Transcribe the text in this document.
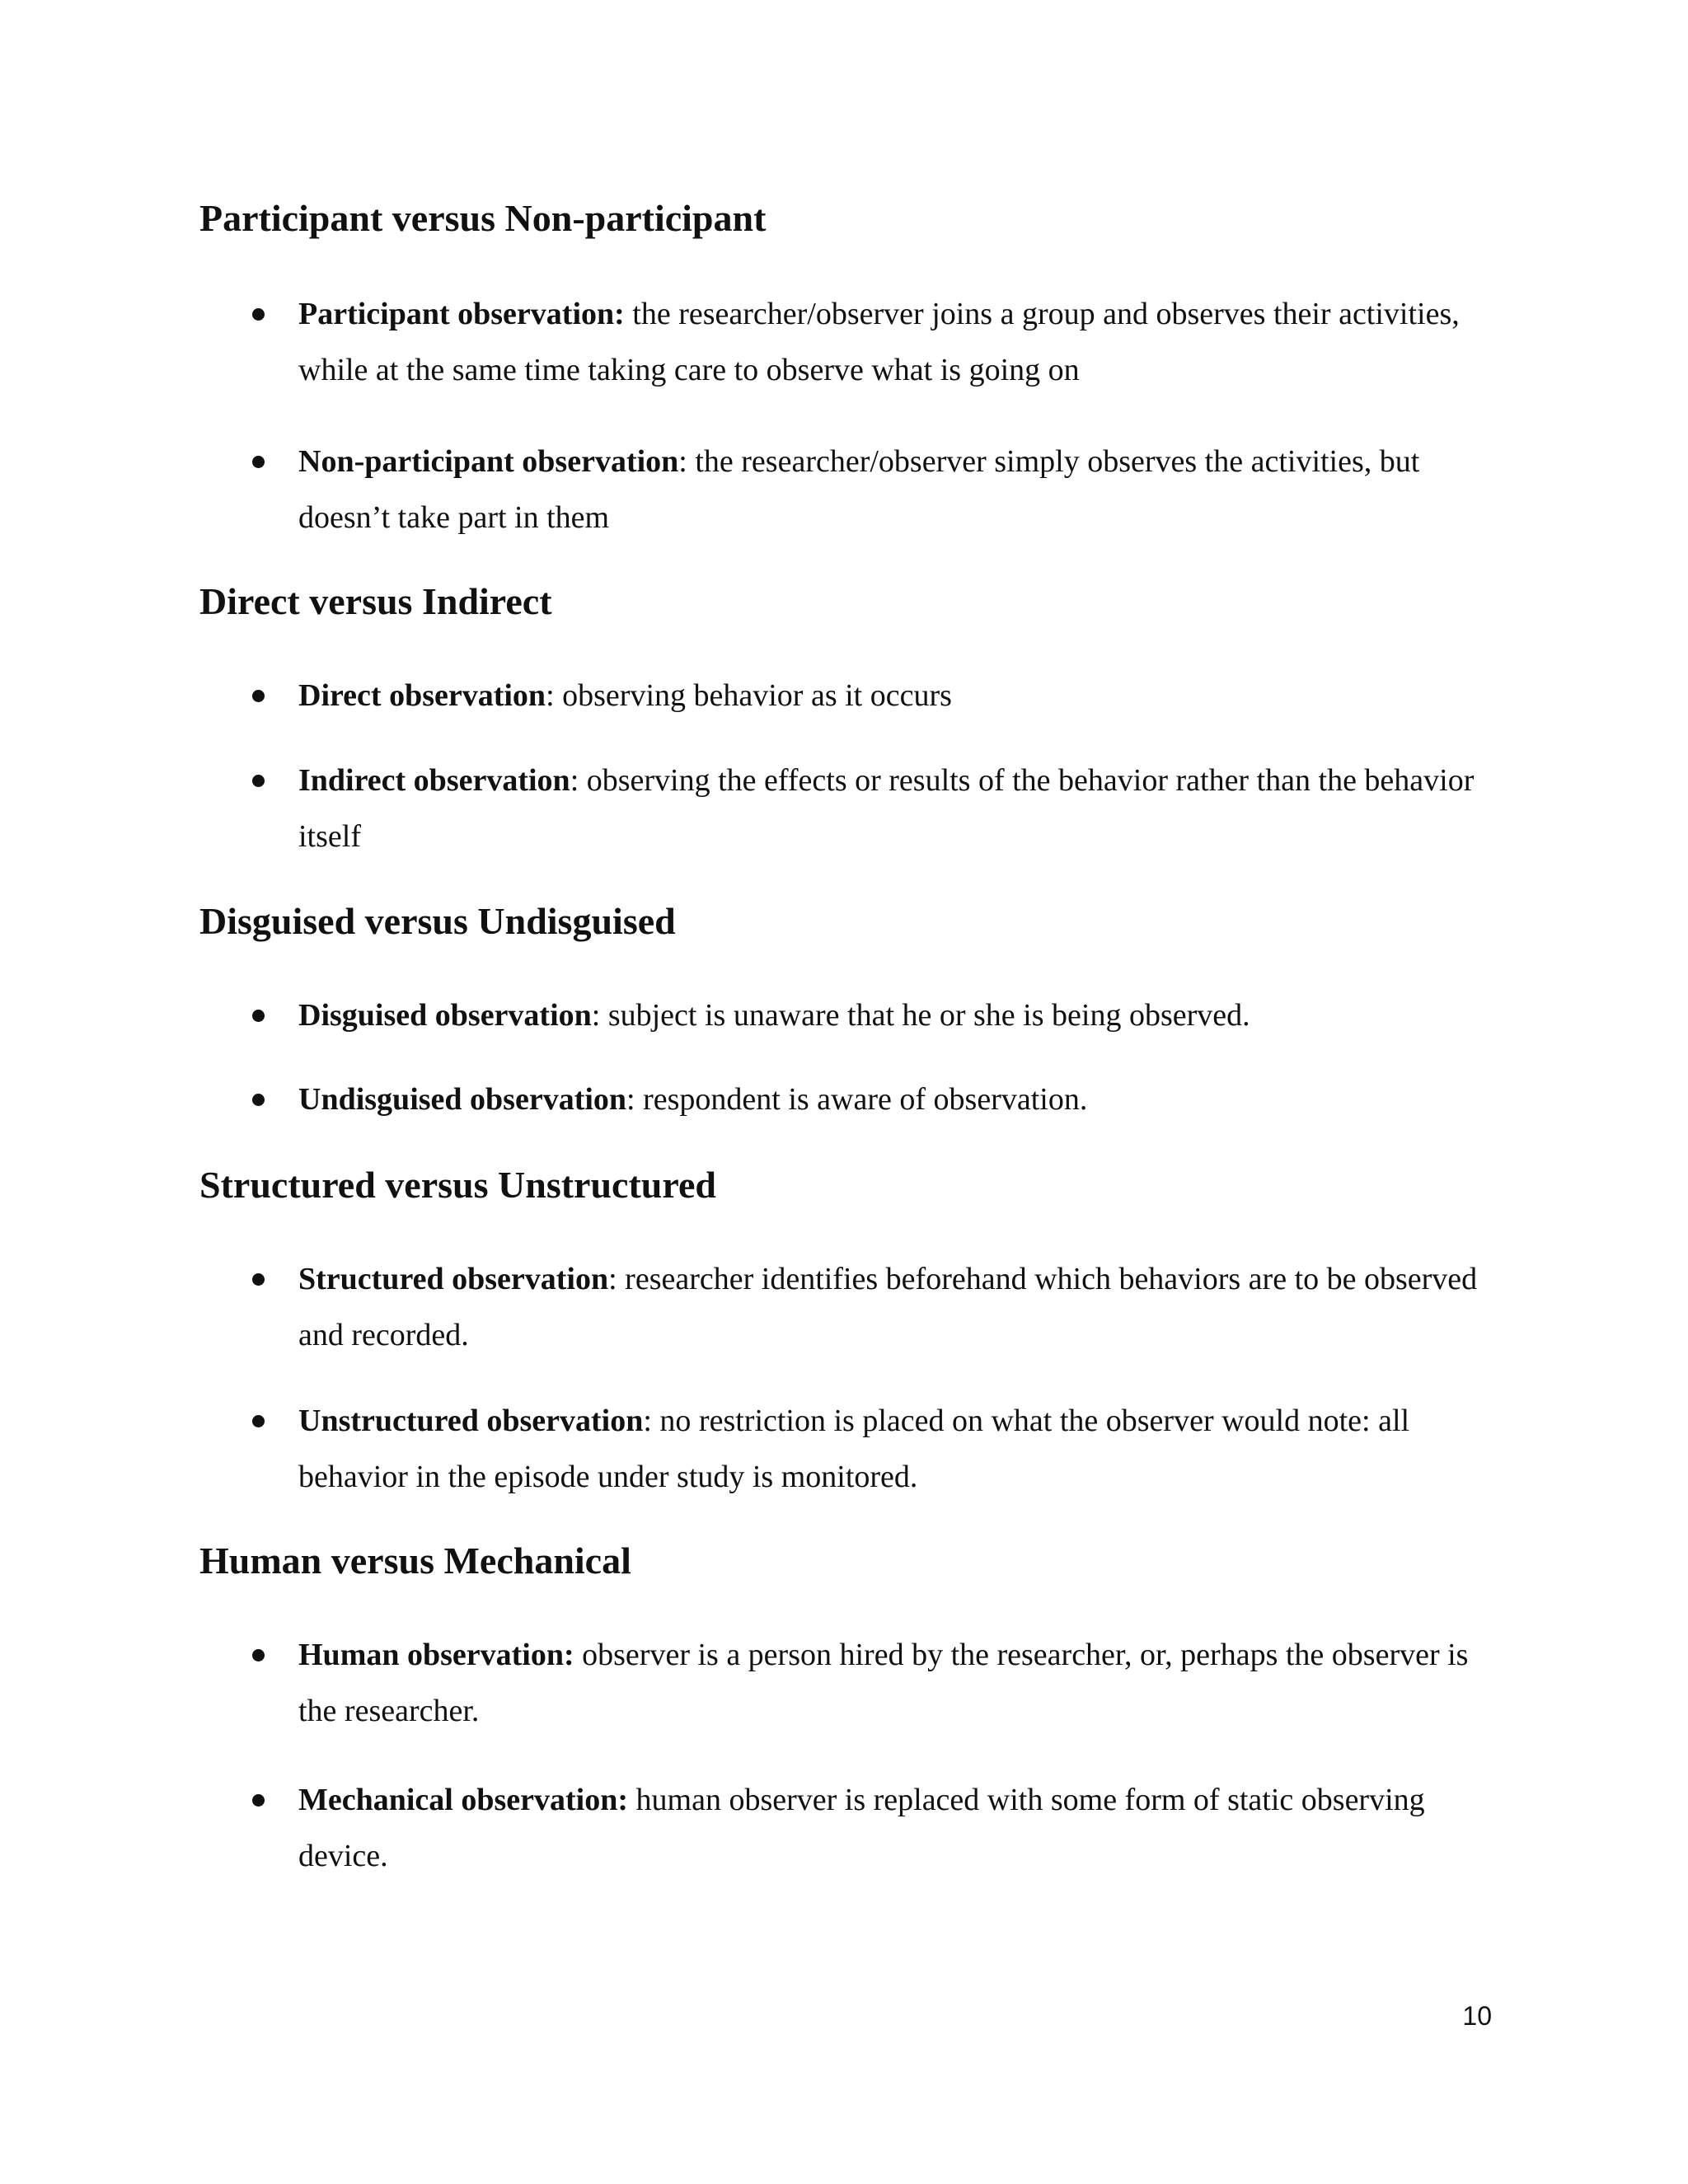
Participant versus Non-participant

Participant observation: the researcher/observer joins a group and observes their activities, while at the same time taking care to observe what is going on

Non-participant observation: the researcher/observer simply observes the activities, but doesn’t take part in them

Direct versus Indirect

Direct observation: observing behavior as it occurs

Indirect observation: observing the effects or results of the behavior rather than the behavior itself

Disguised versus Undisguised

Disguised observation: subject is unaware that he or she is being observed.

Undisguised observation: respondent is aware of observation.

Structured versus Unstructured

Structured observation: researcher identifies beforehand which behaviors are to be observed and recorded.

Unstructured observation: no restriction is placed on what the observer would note: all behavior in the episode under study is monitored.

Human versus Mechanical

Human observation: observer is a person hired by the researcher, or, perhaps the observer is the researcher.

Mechanical observation: human observer is replaced with some form of static observing device.

10
